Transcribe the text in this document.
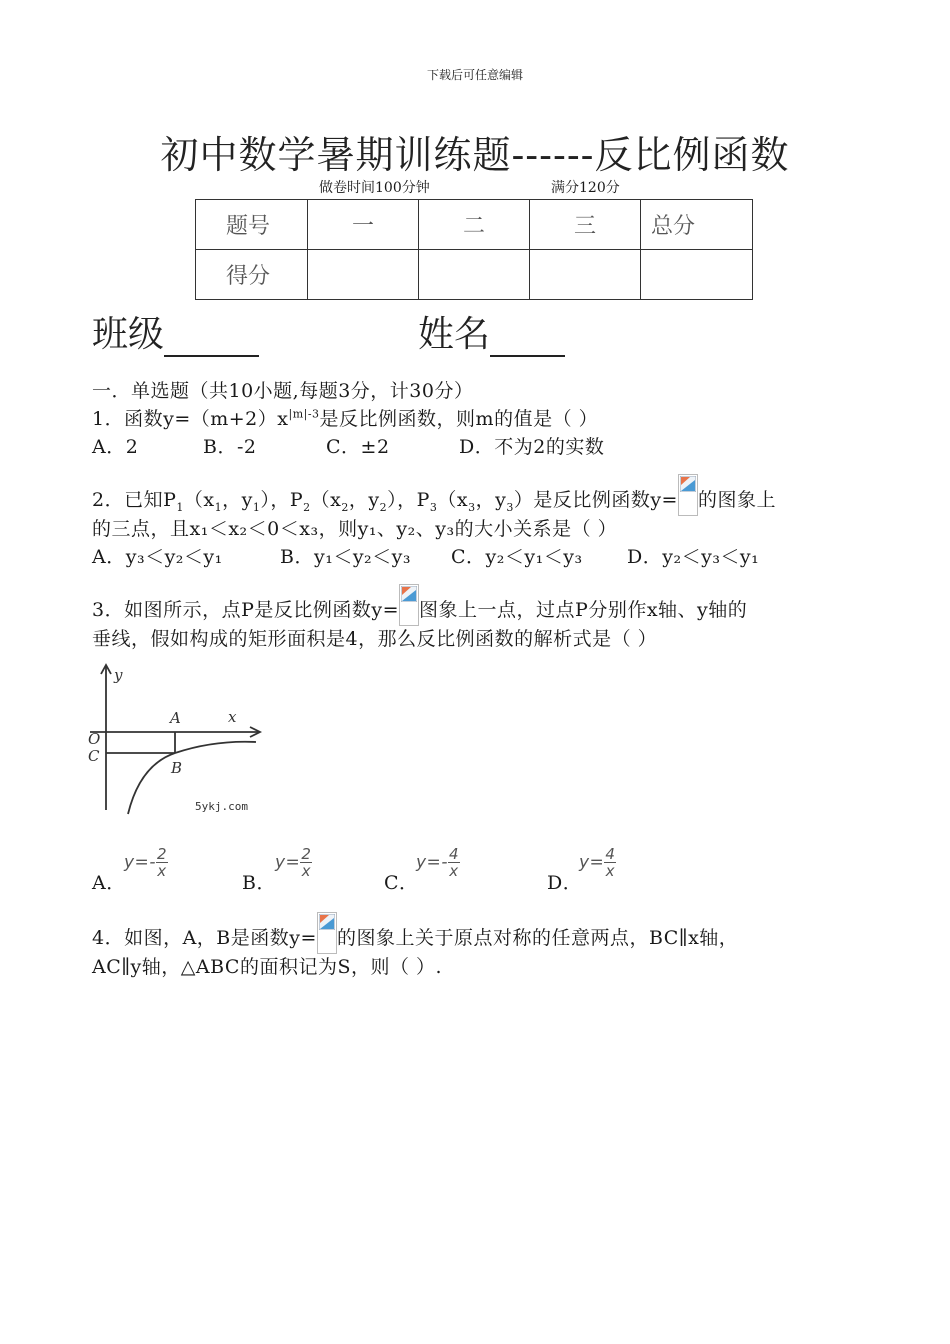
下载后可任意编辑
初中数学暑期训练题------反比例函数
做卷时间100分钟	满分120分
题号	一	二	三	总分
得分				
班级	姓名
一．单选题（共10小题,每题3分，计30分）
1．函数$y=(m+2)x^{|m|-3}$是反比例函数，则m的值是（ ）
A．2	B．-2	C．±2	D．不为2的实数
2．已知$P_1(x_1$，$y_1$），$P_2(x_2$，$y_2$），$P_3(x_3$，$y_3$）是反比例函数y= 的图象上
的三点，且x₁＜x₂＜0＜x₃，则y₁、y₂、y₃的大小关系是（ ）
A．y₃＜y₂＜y₁	B．y₁＜y₂＜y₃ C．y₂＜y₁＜y₃ D．y₂＜y₃＜y₁
3．如图所示，点P是反比例函数y= 图象上一点，过点P分别作x轴、y轴的
垂线，假如构成的矩形面积是4，那么反比例函数的解析式是（ ）
y
x
A
O
C
B
5ykj.com
A．
$y=- \frac{2}{x}$
B．
$y= \frac{2}{x}$
C．
$y=- \frac{4}{x}$
D．
$y= \frac{4}{x}$
4．如图，A，B是函数y= 的图象上关于原点对称的任意两点，BC∥x轴，
AC∥y轴，△ABC的面积记为S，则（ ）.
